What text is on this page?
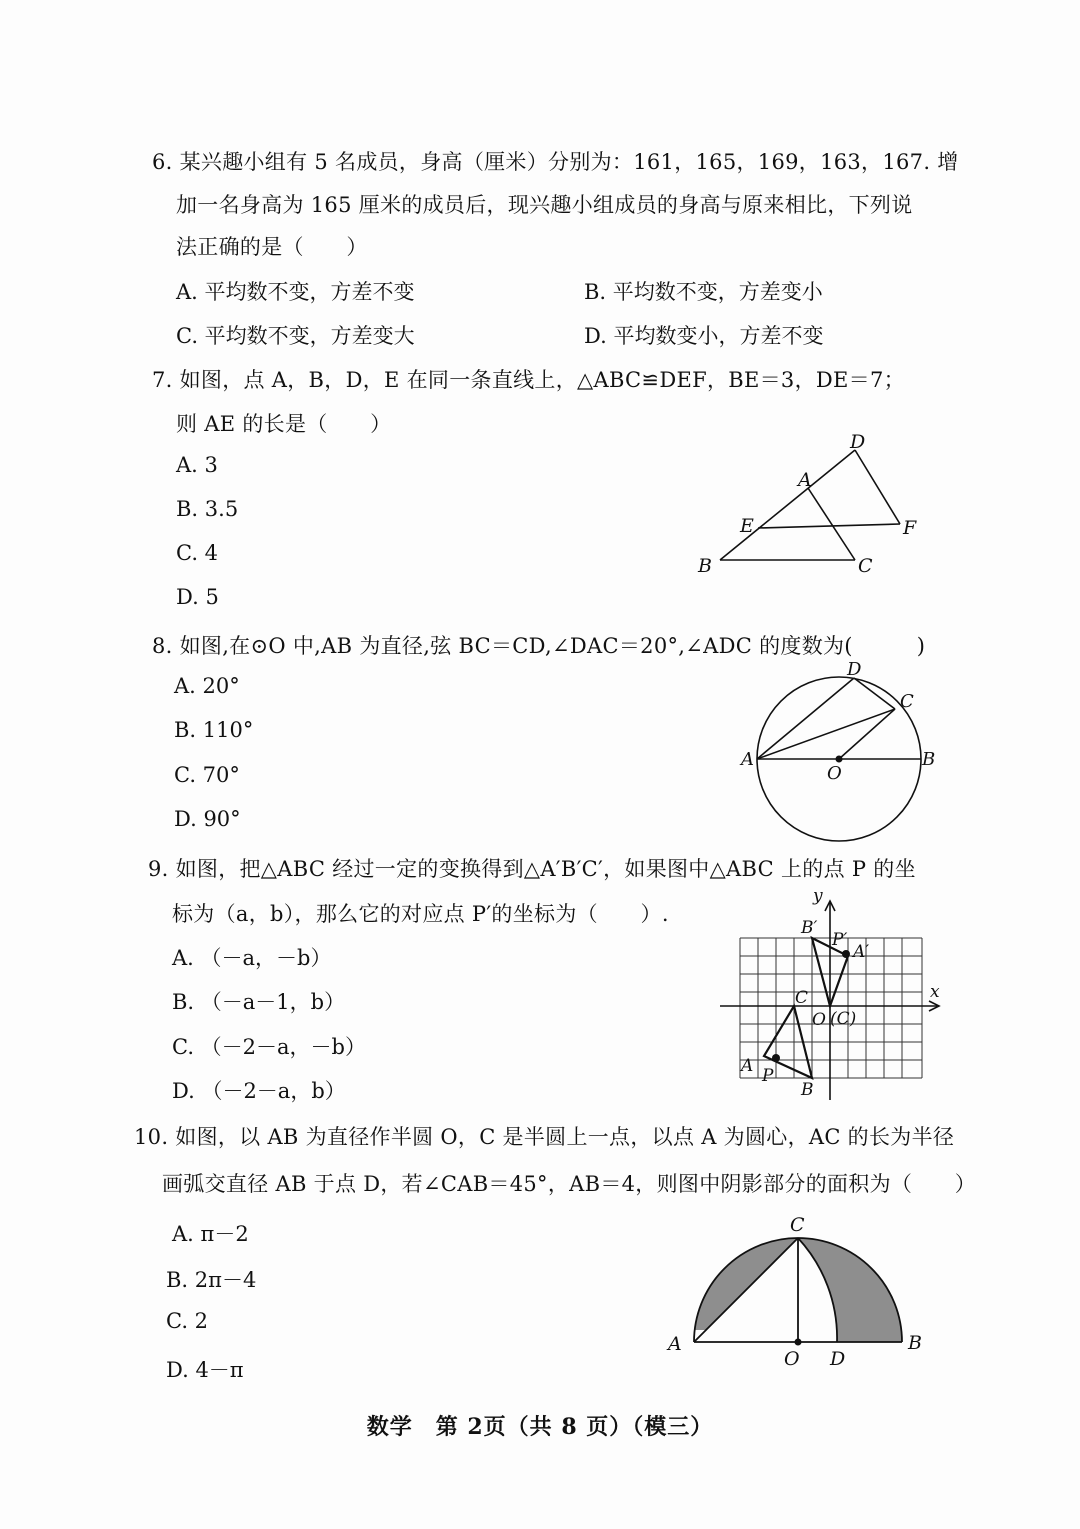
6. 某兴趣小组有 5 名成员，身高（厘米）分别为：161，165，169，163，167. 增
加一名身高为 165 厘米的成员后，现兴趣小组成员的身高与原来相比，下列说
法正确的是（　　）
A. 平均数不变，方差不变	B. 平均数不变，方差变小
C. 平均数不变，方差变大	D. 平均数变小，方差不变
7. 如图，点 A，B，D，E 在同一条直线上，△ABC≌DEF，BE＝3，DE＝7；
则 AE 的长是（　　）
A. 3
B. 3.5
C. 4
D. 5
D
A
E	F
B	C
8. 如图,在⊙O 中,AB 为直径,弦 BC＝CD,∠DAC＝20°,∠ADC 的度数为(　　　)
A. 20°
B. 110°
C. 70°
D. 90°
D
C
A	B
O
9. 如图，把△ABC 经过一定的变换得到△A′B′C′，如果图中△ABC 上的点 P 的坐
标为（a，b），那么它的对应点 P′的坐标为（　　）.
A. （－a，－b）
B. （－a－1，b）
C. （－2－a，－b）
D. （－2－a，b）
y
x
B′
P′
A′
C
O (C)
A P
B
10. 如图，以 AB 为直径作半圆 O，C 是半圆上一点，以点 A 为圆心，AC 的长为半径
画弧交直径 AB 于点 D，若∠CAB＝45°，AB＝4，则图中阴影部分的面积为（　　）
A. π－2
B. 2π－4
C. 2
D. 4－π
C
A
O D
B
数学　第 2页（共 8 页）（模三）
